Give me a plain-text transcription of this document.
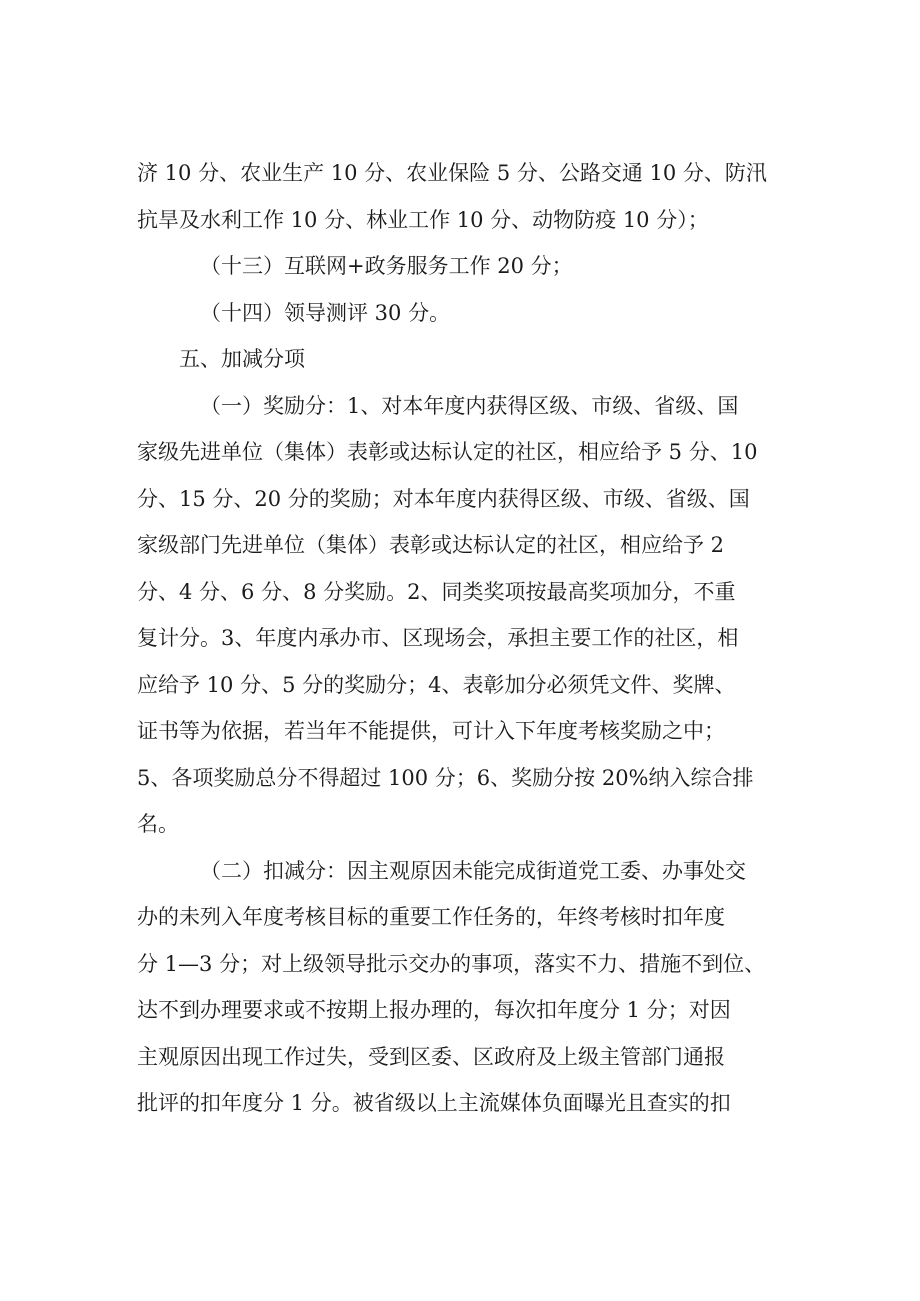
济 10 分、农业生产 10 分、农业保险 5 分、公路交通 10 分、防汛
抗旱及水利工作 10 分、林业工作 10 分、动物防疫 10 分）；
（十三）互联网+政务服务工作 20 分；
（十四）领导测评 30 分。
五、加减分项
（一）奖励分：1、对本年度内获得区级、市级、省级、国
家级先进单位（集体）表彰或达标认定的社区，相应给予 5 分、10
分、15 分、20 分的奖励；对本年度内获得区级、市级、省级、国
家级部门先进单位（集体）表彰或达标认定的社区，相应给予 2
分、4 分、6 分、8 分奖励。2、同类奖项按最高奖项加分，不重
复计分。3、年度内承办市、区现场会，承担主要工作的社区，相
应给予 10 分、5 分的奖励分；4、表彰加分必须凭文件、奖牌、
证书等为依据，若当年不能提供，可计入下年度考核奖励之中；
5、各项奖励总分不得超过 100 分；6、奖励分按 20%纳入综合排
名。
（二）扣减分：因主观原因未能完成街道党工委、办事处交
办的未列入年度考核目标的重要工作任务的，年终考核时扣年度
分 1—3 分；对上级领导批示交办的事项，落实不力、措施不到位、
达不到办理要求或不按期上报办理的，每次扣年度分 1 分；对因
主观原因出现工作过失，受到区委、区政府及上级主管部门通报
批评的扣年度分 1 分。被省级以上主流媒体负面曝光且查实的扣
